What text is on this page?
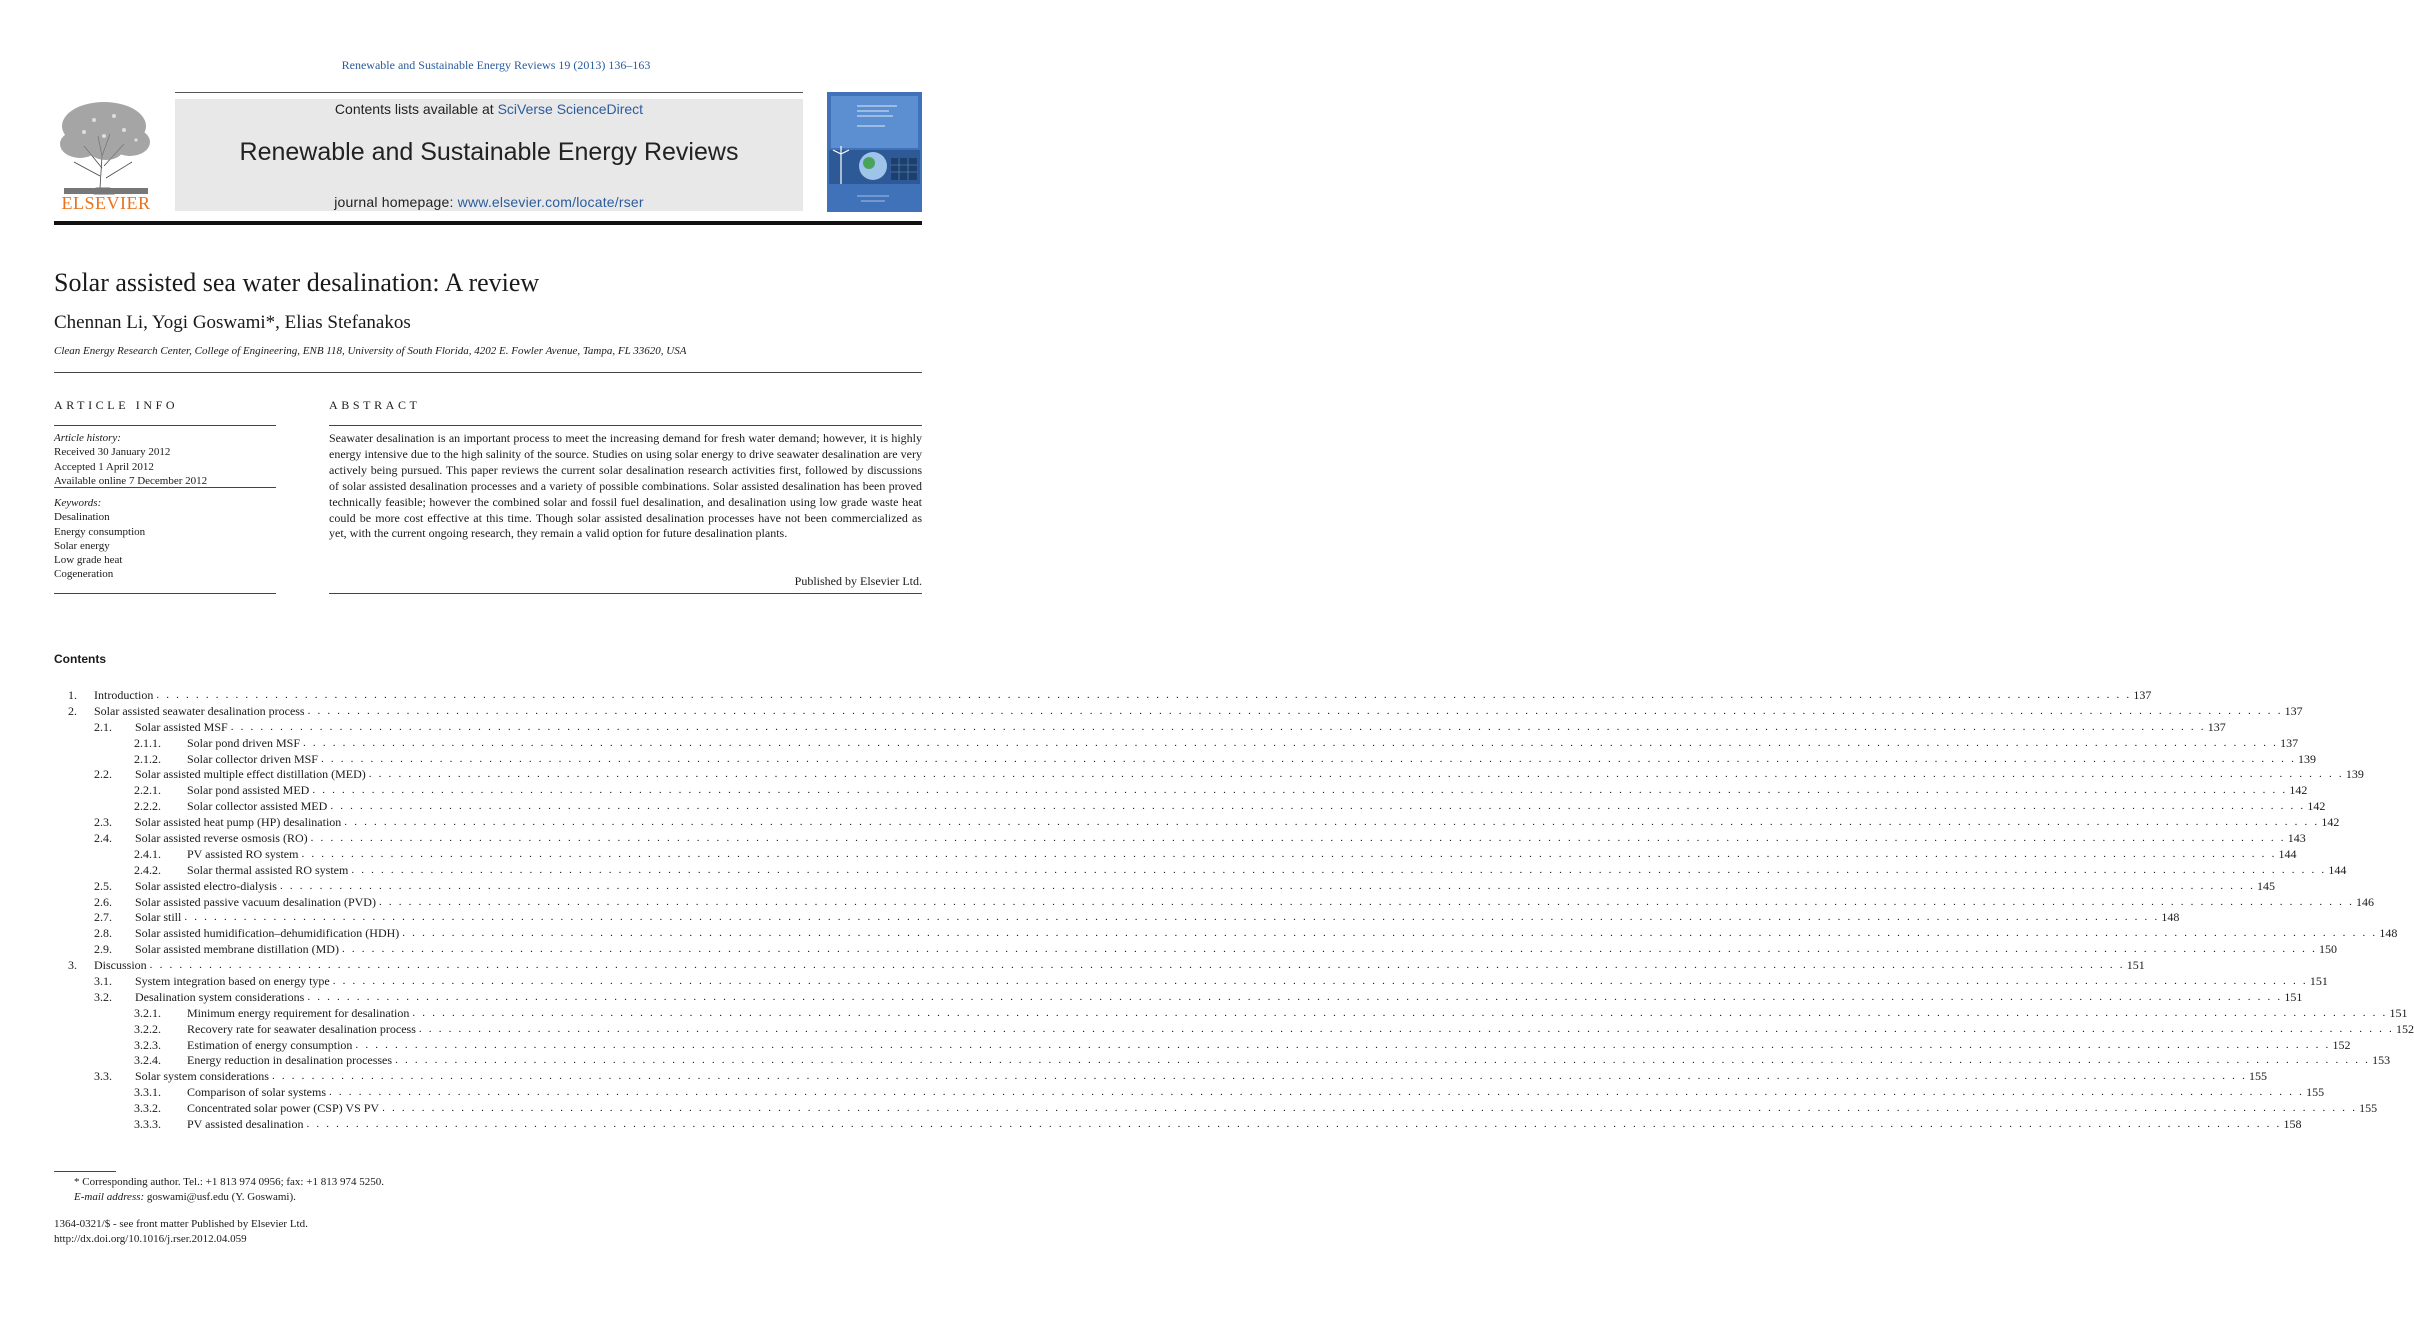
Renewable and Sustainable Energy Reviews 19 (2013) 136–163
ELSEVIER
Contents lists available at SciVerse ScienceDirect
Renewable and Sustainable Energy Reviews
journal homepage: www.elsevier.com/locate/rser
Solar assisted sea water desalination: A review
Chennan Li, Yogi Goswami*, Elias Stefanakos
Clean Energy Research Center, College of Engineering, ENB 118, University of South Florida, 4202 E. Fowler Avenue, Tampa, FL 33620, USA
ARTICLE INFO
Article history:
Received 30 January 2012
Accepted 1 April 2012
Available online 7 December 2012
Keywords:
Desalination
Energy consumption
Solar energy
Low grade heat
Cogeneration
ABSTRACT
Seawater desalination is an important process to meet the increasing demand for fresh water demand; however, it is highly energy intensive due to the high salinity of the source. Studies on using solar energy to drive seawater desalination are very actively being pursued. This paper reviews the current solar desalination research activities first, followed by discussions of solar assisted desalination processes and a variety of possible combinations. Solar assisted desalination has been proved technically feasible; however the combined solar and fossil fuel desalination, and desalination using low grade waste heat could be more cost effective at this time. Though solar assisted desalination processes have not been commercialized as yet, with the current ongoing research, they remain a valid option for future desalination plants.
Published by Elsevier Ltd.
Contents
1. Introduction . . . . . . . . . . . . . . . . . . . . . . . . . . . . . . . . . . . . . . . . . . . . . . . . . . . . . . . . . . . . . . . . . . . . . . . . . . . . . . . . . . . . . . . . . . . . . . . . . . . . . . . . . . . . . . . . . . . . . . . . . . . . . . . . . . . . . . . . . . . . . . . . . . . . . . . . . . . . . . . . . . . . . . . . . . . . . . . . . . . . . . . . . . . . . . . . . . . . . . . . 137
2. Solar assisted seawater desalination process . . . . . . . . . . . . . . . . . . . . . . . . . . . . . . . . . . . . . . . . . . . . . . . . . . . . . . . . . . . . . . . . . . . . . . . . . . . . . . . . . . . . . . . . . . . . . . . . . . . . . . . . . . . . . . . . . . . . . . . . . . . . . . . . . . . . . . . . . . . . . . . . . . . . . . . . . . . . . . . . . . . . . . . . . . . . . . . . . . . . . . . . . . . . . . . . . . . . . . . . 137
2.1. Solar assisted MSF . . . . . . . . . . . . . . . . . . . . . . . . . . . . . . . . . . . . . . . . . . . . . . . . . . . . . . . . . . . . . . . . . . . . . . . . . . . . . . . . . . . . . . . . . . . . . . . . . . . . . . . . . . . . . . . . . . . . . . . . . . . . . . . . . . . . . . . . . . . . . . . . . . . . . . . . . . . . . . . . . . . . . . . . . . . . . . . . . . . . . . . . . . . . . . . . . . . . . . . . 137
2.1.1. Solar pond driven MSF . . . . . . . . . . . . . . . . . . . . . . . . . . . . . . . . . . . . . . . . . . . . . . . . . . . . . . . . . . . . . . . . . . . . . . . . . . . . . . . . . . . . . . . . . . . . . . . . . . . . . . . . . . . . . . . . . . . . . . . . . . . . . . . . . . . . . . . . . . . . . . . . . . . . . . . . . . . . . . . . . . . . . . . . . . . . . . . . . . . . . . . . . . . . . . . . . . . . . . . . 137
2.1.2. Solar collector driven MSF . . . . . . . . . . . . . . . . . . . . . . . . . . . . . . . . . . . . . . . . . . . . . . . . . . . . . . . . . . . . . . . . . . . . . . . . . . . . . . . . . . . . . . . . . . . . . . . . . . . . . . . . . . . . . . . . . . . . . . . . . . . . . . . . . . . . . . . . . . . . . . . . . . . . . . . . . . . . . . . . . . . . . . . . . . . . . . . . . . . . . . . . . . . . . . . . . . . . . . . . 139
2.2. Solar assisted multiple effect distillation (MED) . . . . . . . . . . . . . . . . . . . . . . . . . . . . . . . . . . . . . . . . . . . . . . . . . . . . . . . . . . . . . . . . . . . . . . . . . . . . . . . . . . . . . . . . . . . . . . . . . . . . . . . . . . . . . . . . . . . . . . . . . . . . . . . . . . . . . . . . . . . . . . . . . . . . . . . . . . . . . . . . . . . . . . . . . . . . . . . . . . . . . . . . . . . . . . . . . . . . . . . . 139
2.2.1. Solar pond assisted MED . . . . . . . . . . . . . . . . . . . . . . . . . . . . . . . . . . . . . . . . . . . . . . . . . . . . . . . . . . . . . . . . . . . . . . . . . . . . . . . . . . . . . . . . . . . . . . . . . . . . . . . . . . . . . . . . . . . . . . . . . . . . . . . . . . . . . . . . . . . . . . . . . . . . . . . . . . . . . . . . . . . . . . . . . . . . . . . . . . . . . . . . . . . . . . . . . . . . . . . . 142
2.2.2. Solar collector assisted MED . . . . . . . . . . . . . . . . . . . . . . . . . . . . . . . . . . . . . . . . . . . . . . . . . . . . . . . . . . . . . . . . . . . . . . . . . . . . . . . . . . . . . . . . . . . . . . . . . . . . . . . . . . . . . . . . . . . . . . . . . . . . . . . . . . . . . . . . . . . . . . . . . . . . . . . . . . . . . . . . . . . . . . . . . . . . . . . . . . . . . . . . . . . . . . . . . . . . . . . . 142
2.3. Solar assisted heat pump (HP) desalination . . . . . . . . . . . . . . . . . . . . . . . . . . . . . . . . . . . . . . . . . . . . . . . . . . . . . . . . . . . . . . . . . . . . . . . . . . . . . . . . . . . . . . . . . . . . . . . . . . . . . . . . . . . . . . . . . . . . . . . . . . . . . . . . . . . . . . . . . . . . . . . . . . . . . . . . . . . . . . . . . . . . . . . . . . . . . . . . . . . . . . . . . . . . . . . . . . . . . . . . 142
2.4. Solar assisted reverse osmosis (RO) . . . . . . . . . . . . . . . . . . . . . . . . . . . . . . . . . . . . . . . . . . . . . . . . . . . . . . . . . . . . . . . . . . . . . . . . . . . . . . . . . . . . . . . . . . . . . . . . . . . . . . . . . . . . . . . . . . . . . . . . . . . . . . . . . . . . . . . . . . . . . . . . . . . . . . . . . . . . . . . . . . . . . . . . . . . . . . . . . . . . . . . . . . . . . . . . . . . . . . . . 143
2.4.1. PV assisted RO system . . . . . . . . . . . . . . . . . . . . . . . . . . . . . . . . . . . . . . . . . . . . . . . . . . . . . . . . . . . . . . . . . . . . . . . . . . . . . . . . . . . . . . . . . . . . . . . . . . . . . . . . . . . . . . . . . . . . . . . . . . . . . . . . . . . . . . . . . . . . . . . . . . . . . . . . . . . . . . . . . . . . . . . . . . . . . . . . . . . . . . . . . . . . . . . . . . . . . . . . 144
2.4.2. Solar thermal assisted RO system . . . . . . . . . . . . . . . . . . . . . . . . . . . . . . . . . . . . . . . . . . . . . . . . . . . . . . . . . . . . . . . . . . . . . . . . . . . . . . . . . . . . . . . . . . . . . . . . . . . . . . . . . . . . . . . . . . . . . . . . . . . . . . . . . . . . . . . . . . . . . . . . . . . . . . . . . . . . . . . . . . . . . . . . . . . . . . . . . . . . . . . . . . . . . . . . . . . . . . . . 144
2.5. Solar assisted electro-dialysis . . . . . . . . . . . . . . . . . . . . . . . . . . . . . . . . . . . . . . . . . . . . . . . . . . . . . . . . . . . . . . . . . . . . . . . . . . . . . . . . . . . . . . . . . . . . . . . . . . . . . . . . . . . . . . . . . . . . . . . . . . . . . . . . . . . . . . . . . . . . . . . . . . . . . . . . . . . . . . . . . . . . . . . . . . . . . . . . . . . . . . . . . . . . . . . . . . . . . . . . 145
2.6. Solar assisted passive vacuum desalination (PVD) . . . . . . . . . . . . . . . . . . . . . . . . . . . . . . . . . . . . . . . . . . . . . . . . . . . . . . . . . . . . . . . . . . . . . . . . . . . . . . . . . . . . . . . . . . . . . . . . . . . . . . . . . . . . . . . . . . . . . . . . . . . . . . . . . . . . . . . . . . . . . . . . . . . . . . . . . . . . . . . . . . . . . . . . . . . . . . . . . . . . . . . . . . . . . . . . . . . . . . . . 146
2.7. Solar still . . . . . . . . . . . . . . . . . . . . . . . . . . . . . . . . . . . . . . . . . . . . . . . . . . . . . . . . . . . . . . . . . . . . . . . . . . . . . . . . . . . . . . . . . . . . . . . . . . . . . . . . . . . . . . . . . . . . . . . . . . . . . . . . . . . . . . . . . . . . . . . . . . . . . . . . . . . . . . . . . . . . . . . . . . . . . . . . . . . . . . . . . . . . . . . . . . . . . . . . 148
2.8. Solar assisted humidification–dehumidification (HDH) . . . . . . . . . . . . . . . . . . . . . . . . . . . . . . . . . . . . . . . . . . . . . . . . . . . . . . . . . . . . . . . . . . . . . . . . . . . . . . . . . . . . . . . . . . . . . . . . . . . . . . . . . . . . . . . . . . . . . . . . . . . . . . . . . . . . . . . . . . . . . . . . . . . . . . . . . . . . . . . . . . . . . . . . . . . . . . . . . . . . . . . . . . . . . . . . . . . . . . . . 148
2.9. Solar assisted membrane distillation (MD) . . . . . . . . . . . . . . . . . . . . . . . . . . . . . . . . . . . . . . . . . . . . . . . . . . . . . . . . . . . . . . . . . . . . . . . . . . . . . . . . . . . . . . . . . . . . . . . . . . . . . . . . . . . . . . . . . . . . . . . . . . . . . . . . . . . . . . . . . . . . . . . . . . . . . . . . . . . . . . . . . . . . . . . . . . . . . . . . . . . . . . . . . . . . . . . . . . . . . . . . 150
3. Discussion . . . . . . . . . . . . . . . . . . . . . . . . . . . . . . . . . . . . . . . . . . . . . . . . . . . . . . . . . . . . . . . . . . . . . . . . . . . . . . . . . . . . . . . . . . . . . . . . . . . . . . . . . . . . . . . . . . . . . . . . . . . . . . . . . . . . . . . . . . . . . . . . . . . . . . . . . . . . . . . . . . . . . . . . . . . . . . . . . . . . . . . . . . . . . . . . . . . . . . . . 151
3.1. System integration based on energy type . . . . . . . . . . . . . . . . . . . . . . . . . . . . . . . . . . . . . . . . . . . . . . . . . . . . . . . . . . . . . . . . . . . . . . . . . . . . . . . . . . . . . . . . . . . . . . . . . . . . . . . . . . . . . . . . . . . . . . . . . . . . . . . . . . . . . . . . . . . . . . . . . . . . . . . . . . . . . . . . . . . . . . . . . . . . . . . . . . . . . . . . . . . . . . . . . . . . . . . . 151
3.2. Desalination system considerations . . . . . . . . . . . . . . . . . . . . . . . . . . . . . . . . . . . . . . . . . . . . . . . . . . . . . . . . . . . . . . . . . . . . . . . . . . . . . . . . . . . . . . . . . . . . . . . . . . . . . . . . . . . . . . . . . . . . . . . . . . . . . . . . . . . . . . . . . . . . . . . . . . . . . . . . . . . . . . . . . . . . . . . . . . . . . . . . . . . . . . . . . . . . . . . . . . . . . . . . 151
3.2.1. Minimum energy requirement for desalination . . . . . . . . . . . . . . . . . . . . . . . . . . . . . . . . . . . . . . . . . . . . . . . . . . . . . . . . . . . . . . . . . . . . . . . . . . . . . . . . . . . . . . . . . . . . . . . . . . . . . . . . . . . . . . . . . . . . . . . . . . . . . . . . . . . . . . . . . . . . . . . . . . . . . . . . . . . . . . . . . . . . . . . . . . . . . . . . . . . . . . . . . . . . . . . . . . . . . . . . 151
3.2.2. Recovery rate for seawater desalination process . . . . . . . . . . . . . . . . . . . . . . . . . . . . . . . . . . . . . . . . . . . . . . . . . . . . . . . . . . . . . . . . . . . . . . . . . . . . . . . . . . . . . . . . . . . . . . . . . . . . . . . . . . . . . . . . . . . . . . . . . . . . . . . . . . . . . . . . . . . . . . . . . . . . . . . . . . . . . . . . . . . . . . . . . . . . . . . . . . . . . . . . . . . . . . . . . . . . . . . . 152
3.2.3. Estimation of energy consumption . . . . . . . . . . . . . . . . . . . . . . . . . . . . . . . . . . . . . . . . . . . . . . . . . . . . . . . . . . . . . . . . . . . . . . . . . . . . . . . . . . . . . . . . . . . . . . . . . . . . . . . . . . . . . . . . . . . . . . . . . . . . . . . . . . . . . . . . . . . . . . . . . . . . . . . . . . . . . . . . . . . . . . . . . . . . . . . . . . . . . . . . . . . . . . . . . . . . . . . . 152
3.2.4. Energy reduction in desalination processes . . . . . . . . . . . . . . . . . . . . . . . . . . . . . . . . . . . . . . . . . . . . . . . . . . . . . . . . . . . . . . . . . . . . . . . . . . . . . . . . . . . . . . . . . . . . . . . . . . . . . . . . . . . . . . . . . . . . . . . . . . . . . . . . . . . . . . . . . . . . . . . . . . . . . . . . . . . . . . . . . . . . . . . . . . . . . . . . . . . . . . . . . . . . . . . . . . . . . . . . 153
3.3. Solar system considerations . . . . . . . . . . . . . . . . . . . . . . . . . . . . . . . . . . . . . . . . . . . . . . . . . . . . . . . . . . . . . . . . . . . . . . . . . . . . . . . . . . . . . . . . . . . . . . . . . . . . . . . . . . . . . . . . . . . . . . . . . . . . . . . . . . . . . . . . . . . . . . . . . . . . . . . . . . . . . . . . . . . . . . . . . . . . . . . . . . . . . . . . . . . . . . . . . . . . . . . . 155
3.3.1. Comparison of solar systems . . . . . . . . . . . . . . . . . . . . . . . . . . . . . . . . . . . . . . . . . . . . . . . . . . . . . . . . . . . . . . . . . . . . . . . . . . . . . . . . . . . . . . . . . . . . . . . . . . . . . . . . . . . . . . . . . . . . . . . . . . . . . . . . . . . . . . . . . . . . . . . . . . . . . . . . . . . . . . . . . . . . . . . . . . . . . . . . . . . . . . . . . . . . . . . . . . . . . . . . 155
3.3.2. Concentrated solar power (CSP) VS PV . . . . . . . . . . . . . . . . . . . . . . . . . . . . . . . . . . . . . . . . . . . . . . . . . . . . . . . . . . . . . . . . . . . . . . . . . . . . . . . . . . . . . . . . . . . . . . . . . . . . . . . . . . . . . . . . . . . . . . . . . . . . . . . . . . . . . . . . . . . . . . . . . . . . . . . . . . . . . . . . . . . . . . . . . . . . . . . . . . . . . . . . . . . . . . . . . . . . . . . . 155
3.3.3. PV assisted desalination . . . . . . . . . . . . . . . . . . . . . . . . . . . . . . . . . . . . . . . . . . . . . . . . . . . . . . . . . . . . . . . . . . . . . . . . . . . . . . . . . . . . . . . . . . . . . . . . . . . . . . . . . . . . . . . . . . . . . . . . . . . . . . . . . . . . . . . . . . . . . . . . . . . . . . . . . . . . . . . . . . . . . . . . . . . . . . . . . . . . . . . . . . . . . . . . . . . . . . . . 158
* Corresponding author. Tel.: +1 813 974 0956; fax: +1 813 974 5250.
E-mail address: goswami@usf.edu (Y. Goswami).
1364-0321/$ - see front matter Published by Elsevier Ltd.
http://dx.doi.org/10.1016/j.rser.2012.04.059
